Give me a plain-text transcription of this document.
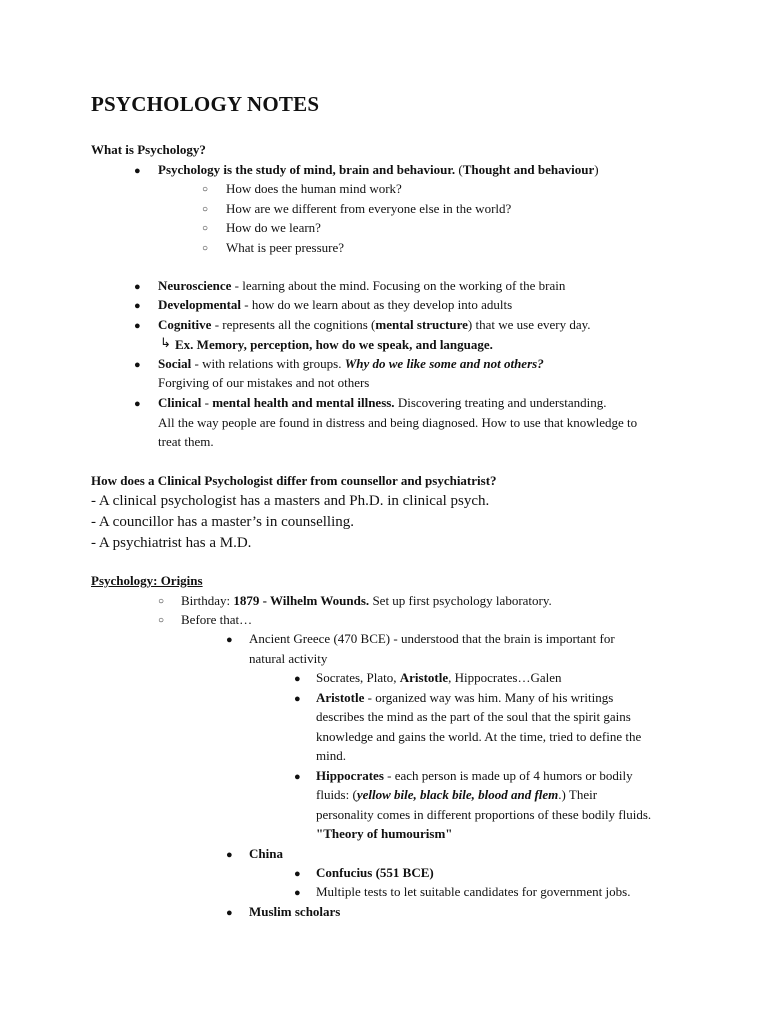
PSYCHOLOGY NOTES
What is Psychology?
● Psychology is the study of mind, brain and behaviour. (Thought and behaviour)
○ How does the human mind work?
○ How are we different from everyone else in the world?
○ How do we learn?
○ What is peer pressure?
● Neuroscience - learning about the mind. Focusing on the working of the brain
● Developmental - how do we learn about as they develop into adults
● Cognitive - represents all the cognitions (mental structure) that we use every day.
↳ Ex. Memory, perception, how do we speak, and language.
● Social - with relations with groups. Why do we like some and not others?
Forgiving of our mistakes and not others
● Clinical - mental health and mental illness. Discovering treating and understanding.
All the way people are found in distress and being diagnosed. How to use that knowledge to
treat them.
How does a Clinical Psychologist differ from counsellor and psychiatrist?
- A clinical psychologist has a masters and Ph.D. in clinical psych.
- A councillor has a master’s in counselling.
- A psychiatrist has a M.D.
Psychology: Origins
○ Birthday: 1879 - Wilhelm Wounds. Set up first psychology laboratory.
○ Before that…
● Ancient Greece (470 BCE) - understood that the brain is important for
natural activity
● Socrates, Plato, Aristotle, Hippocrates…Galen
● Aristotle - organized way was him. Many of his writings
describes the mind as the part of the soul that the spirit gains
knowledge and gains the world. At the time, tried to define the
mind.
● Hippocrates - each person is made up of 4 humors or bodily
fluids: (yellow bile, black bile, blood and flem.) Their
personality comes in different proportions of these bodily fluids.
"Theory of humourism"
● China
● Confucius (551 BCE)
● Multiple tests to let suitable candidates for government jobs.
● Muslim scholars
